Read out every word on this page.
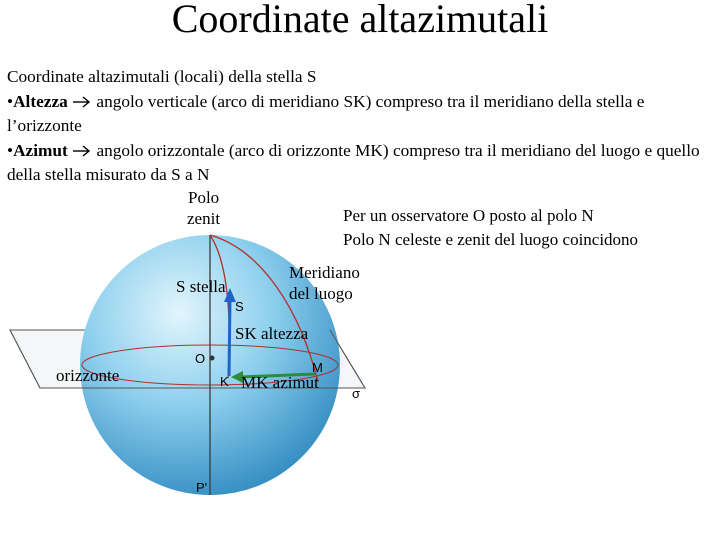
Coordinate altazimutali

Coordinate altazimutali (locali) della stella S

•Altezza angolo verticale (arco di meridiano SK) compreso tra il meridiano della stella e l’orizzonte

•Azimut angolo orizzontale (arco di orizzonte MK) compreso tra il meridiano del luogo e quello della stella misurato da S a N

S
O
K
M
P'
σ
Polo
zenit	Per un osservatore O posto al polo N
Polo N celeste e zenit del luogo coincidono
Meridiano
del luogo
S stella
SK altezza
orizzonte	MK azimut
